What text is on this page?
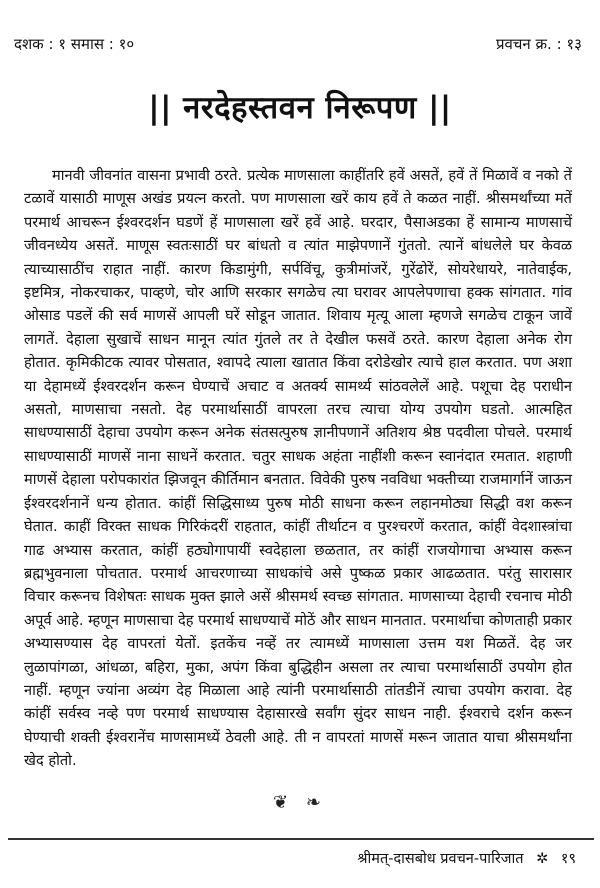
दशक : १ समास : १०	प्रवचन क्र. : १३
|| नरदेहस्तवन निरूपण ||

मानवी जीवनांत वासना प्रभावी ठरते. प्रत्येक माणसाला काहींतरि हवें असतें, हवें तें मिळावें व नको तें टळावें यासाठी माणूस अखंड प्रयत्न करतो. पण माणसाला खरें काय हवें ते कळत नाहीं. श्रीसमर्थांच्या मतें परमार्थ आचरून ईश्वरदर्शन घडणें हें माणसाला खरें हवें आहे. घरदार, पैसाअडका हें सामान्य माणसाचें जीवनध्येय असतें. माणूस स्वतःसाठीं घर बांधतो व त्यांत माझेपणानें गुंततो. त्यानें बांधलेले घर केवळ त्याच्यासाठींच राहात नाहीं. कारण किडामुंगी, सर्पविंचू, कुत्रीमांजरें, गुरेंढोरें, सोयरेधायरे, नातेवाईक, इष्टमित्र, नोकरचाकर, पाव्हणे, चोर आणि सरकार सगळेच त्या घरावर आपलेपणाचा हक्क सांगतात. गांव ओसाड पडलें की सर्व माणसें आपली घरें सोडून जातात. शिवाय मृत्यू आला म्हणजे सगळेच टाकून जावें लागतें. देहाला सुखाचें साधन मानून त्यांत गुंतले तर ते देखील फसवें ठरते. कारण देहाला अनेक रोग होतात. कृमिकीटक त्यावर पोसतात, श्वापदे त्याला खातात किंवा दरोडेखोर त्याचे हाल करतात. पण अशा या देहामध्यें ईश्वरदर्शन करून घेण्याचें अचाट व अतर्क्य सामर्थ्य सांठवलेलें आहे. पशूचा देह पराधीन असतो, माणसाचा नसतो. देह परमार्थासाठीं वापरला तरच त्याचा योग्य उपयोग घडतो. आत्महित साधण्यासाठीं देहाचा उपयोग करून अनेक संतसत्पुरुष ज्ञानीपणानें अतिशय श्रेष्ठ पदवीला पोचले. परमार्थ साधण्यासाठीं माणसें नाना साधनें करतात. चतुर साधक अहंता नाहींशी करून स्वानंदात रमतात. शहाणी माणसें देहाला परोपकारांत झिजवून कीर्तिमान बनतात. विवेकी पुरुष नवविधा भक्तीच्या राजमार्गानें जाऊन ईश्वरदर्शनानें धन्य होतात. कांहीं सिद्धिसाध्य पुरुष मोठी साधना करून लहानमोठ्या सिद्धी वश करून घेतात. काहीं विरक्त साधक गिरिकंदरीं राहतात, कांहीं तीर्थाटन व पुरश्चरणें करतात, कांहीं वेदशास्त्रांचा गाढ अभ्यास करतात, कांहीं हठ्योगापायीं स्वदेहाला छळतात, तर कांहीं राजयोगाचा अभ्यास करून ब्रह्मभुवनाला पोचतात. परमार्थ आचरणाच्या साधकांचे असे पुष्कळ प्रकार आढळतात. परंतु सारासार विचार करूनच विशेषतः साधक मुक्त झाले असें श्रीसमर्थ स्वच्छ सांगतात. माणसाच्या देहाची रचनाच मोठी अपूर्व आहे. म्हणून माणसाचा देह परमार्थ साधण्याचें मोठें और साधन मानतात. परमार्थाचा कोणताही प्रकार अभ्यासण्यास देह वापरतां येतों. इतकेंच नव्हें तर त्यामध्यें माणसाला उत्तम यश मिळतें. देह जर लुळापांगळा, आंधळा, बहिरा, मुका, अपंग किंवा बुद्धिहीन असला तर त्याचा परमार्थासाठीं उपयोग होत नाहीं. म्हणून ज्यांना अव्यंग देह मिळाला आहे त्यांनी परमार्थासाठी तांतडीनें त्याचा उपयोग करावा. देह कांहीं सर्वस्व नव्हे पण परमार्थ साधण्यास देहासारखे सर्वांग सुंदर साधन नाही. ईश्वराचे दर्शन करून घेण्याची शक्ती ईश्वरानेंच माणसामध्यें ठेवली आहे. ती न वापरतां माणसें मरून जातात याचा श्रीसमर्थांना खेद होतो.

❦ ❧
श्रीमत्-दासबोध प्रवचन-पारिजात ✲ १९
